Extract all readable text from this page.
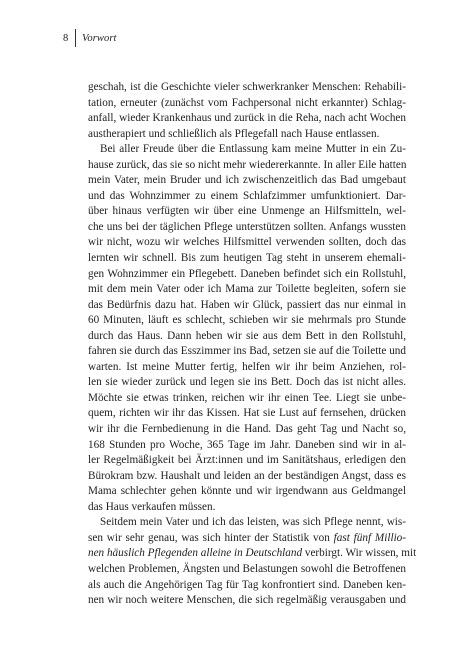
8 Vorwort

geschah, ist die Geschichte vieler schwerkranker Menschen: Rehabili-
tation, erneuter (zunächst vom Fachpersonal nicht erkannter) Schlag-
anfall, wieder Krankenhaus und zurück in die Reha, nach acht Wochen
austherapiert und schließlich als Pflegefall nach Hause entlassen.

Bei aller Freude über die Entlassung kam meine Mutter in ein Zu-
hause zurück, das sie so nicht mehr wiedererkannte. In aller Eile hatten
mein Vater, mein Bruder und ich zwischenzeitlich das Bad umgebaut
und das Wohnzimmer zu einem Schlafzimmer umfunktioniert. Dar-
über hinaus verfügten wir über eine Unmenge an Hilfsmitteln, wel-
che uns bei der täglichen Pflege unterstützen sollten. Anfangs wussten
wir nicht, wozu wir welches Hilfsmittel verwenden sollten, doch das
lernten wir schnell. Bis zum heutigen Tag steht in unserem ehemali-
gen Wohnzimmer ein Pflegebett. Daneben befindet sich ein Rollstuhl,
mit dem mein Vater oder ich Mama zur Toilette begleiten, sofern sie
das Bedürfnis dazu hat. Haben wir Glück, passiert das nur einmal in
60 Minuten, läuft es schlecht, schieben wir sie mehrmals pro Stunde
durch das Haus. Dann heben wir sie aus dem Bett in den Rollstuhl,
fahren sie durch das Esszimmer ins Bad, setzen sie auf die Toilette und
warten. Ist meine Mutter fertig, helfen wir ihr beim Anziehen, rol-
len sie wieder zurück und legen sie ins Bett. Doch das ist nicht alles.
Möchte sie etwas trinken, reichen wir ihr einen Tee. Liegt sie unbe-
quem, richten wir ihr das Kissen. Hat sie Lust auf fernsehen, drücken
wir ihr die Fernbedienung in die Hand. Das geht Tag und Nacht so,
168 Stunden pro Woche, 365 Tage im Jahr. Daneben sind wir in al-
ler Regelmäßigkeit bei Ärzt:innen und im Sanitätshaus, erledigen den
Bürokram bzw. Haushalt und leiden an der beständigen Angst, dass es
Mama schlechter gehen könnte und wir irgendwann aus Geldmangel
das Haus verkaufen müssen.

Seitdem mein Vater und ich das leisten, was sich Pflege nennt, wis-
sen wir sehr genau, was sich hinter der Statistik von fast fünf Millio-
nen häuslich Pflegenden alleine in Deutschland verbirgt. Wir wissen, mit
welchen Problemen, Ängsten und Belastungen sowohl die Betroffenen
als auch die Angehörigen Tag für Tag konfrontiert sind. Daneben ken-
nen wir noch weitere Menschen, die sich regelmäßig verausgaben und
